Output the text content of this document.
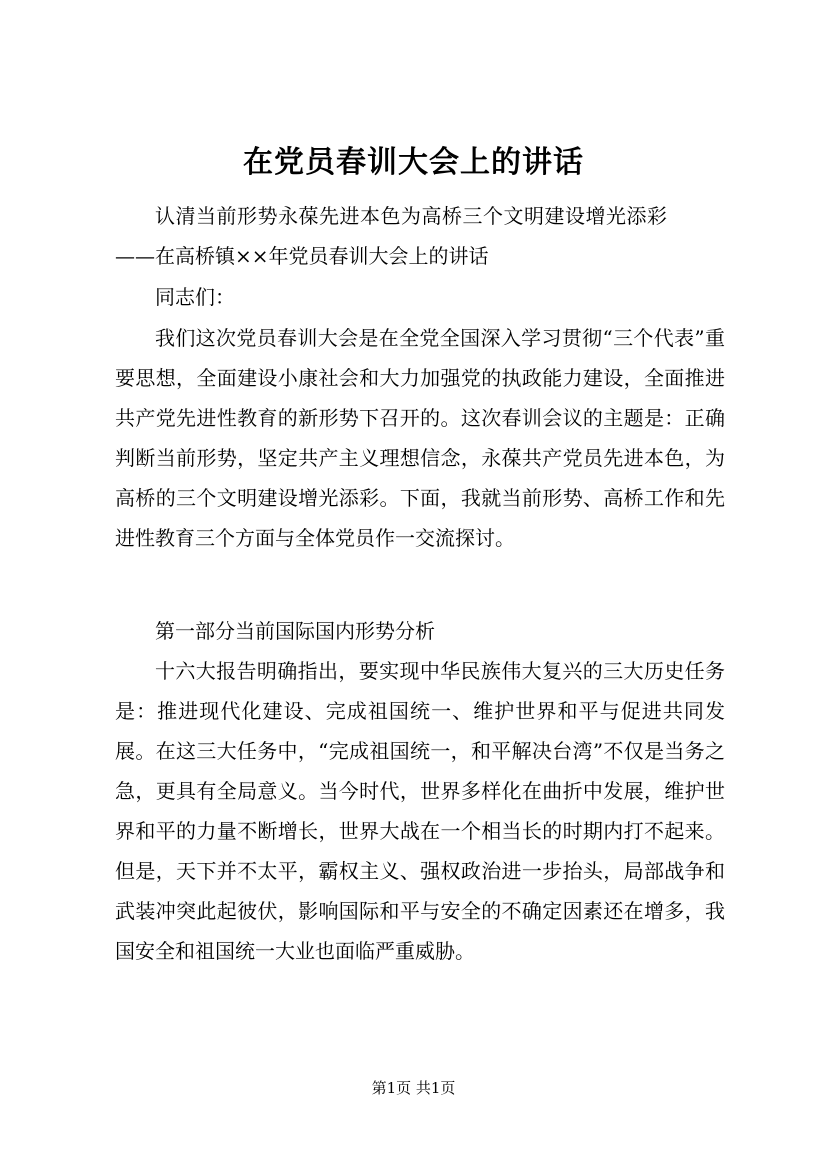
在党员春训大会上的讲话
认清当前形势永葆先进本色为高桥三个文明建设增光添彩
——在高桥镇××年党员春训大会上的讲话
同志们：

我们这次党员春训大会是在全党全国深入学习贯彻“三个代表”重要思想，全面建设小康社会和大力加强党的执政能力建设，全面推进共产党先进性教育的新形势下召开的。这次春训会议的主题是：正确判断当前形势，坚定共产主义理想信念，永葆共产党员先进本色，为高桥的三个文明建设增光添彩。下面，我就当前形势、高桥工作和先进性教育三个方面与全体党员作一交流探讨。

第一部分当前国际国内形势分析

十六大报告明确指出，要实现中华民族伟大复兴的三大历史任务是：推进现代化建设、完成祖国统一、维护世界和平与促进共同发展。在这三大任务中，“完成祖国统一，和平解决台湾”不仅是当务之急，更具有全局意义。当今时代，世界多样化在曲折中发展，维护世界和平的力量不断增长，世界大战在一个相当长的时期内打不起来。但是，天下并不太平，霸权主义、强权政治进一步抬头，局部战争和武装冲突此起彼伏，影响国际和平与安全的不确定因素还在增多，我国安全和祖国统一大业也面临严重威胁。

第1页 共1页
